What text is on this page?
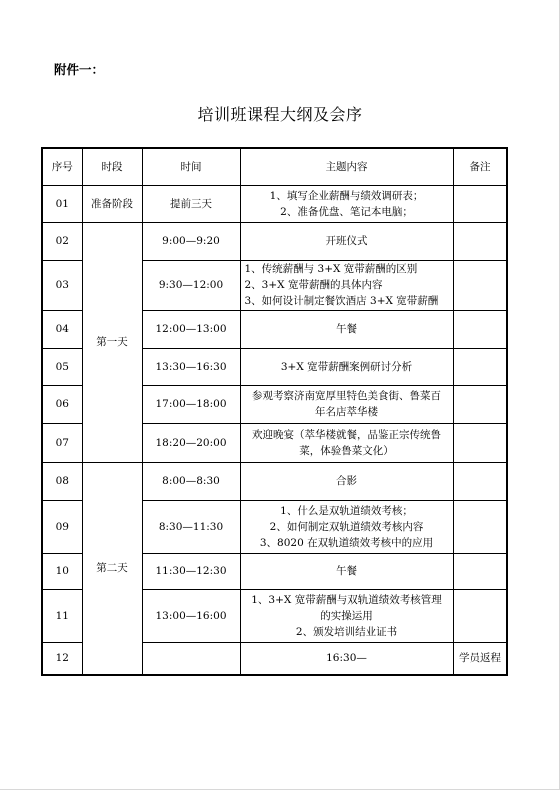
附件一：
培训班课程大纲及会序
序号	时段	时间	主题内容	备注	
01	准备阶段	提前三天	1、填写企业薪酬与绩效调研表；
2、准备优盘、笔记本电脑；		

02	第一天	9:00—9:20	开班仪式		

03		9:30—12:00	1、传统薪酬与 3+X 宽带薪酬的区别
2、3+X 宽带薪酬的具体内容
3、如何设计制定餐饮酒店 3+X 宽带薪酬		

04		12:00—13:00	午餐		

05		13:30—16:30	3+X 宽带薪酬案例研讨分析		

06		17:00—18:00	参观考察济南宽厚里特色美食街、鲁菜百
年名店萃华楼		

07		18:20—20:00	欢迎晚宴（萃华楼就餐，品鉴正宗传统鲁
菜，体验鲁菜文化）		

08	第二天	8:00—8:30	合影		

09		8:30—11:30	1、什么是双轨道绩效考核；
2、如何制定双轨道绩效考核内容
3、8020 在双轨道绩效考核中的应用		

10		11:30—12:30	午餐		

11		13:00—16:00	1、3+X 宽带薪酬与双轨道绩效考核管理
的实操运用
2、颁发培训结业证书		

12			16:30—	学员返程	
